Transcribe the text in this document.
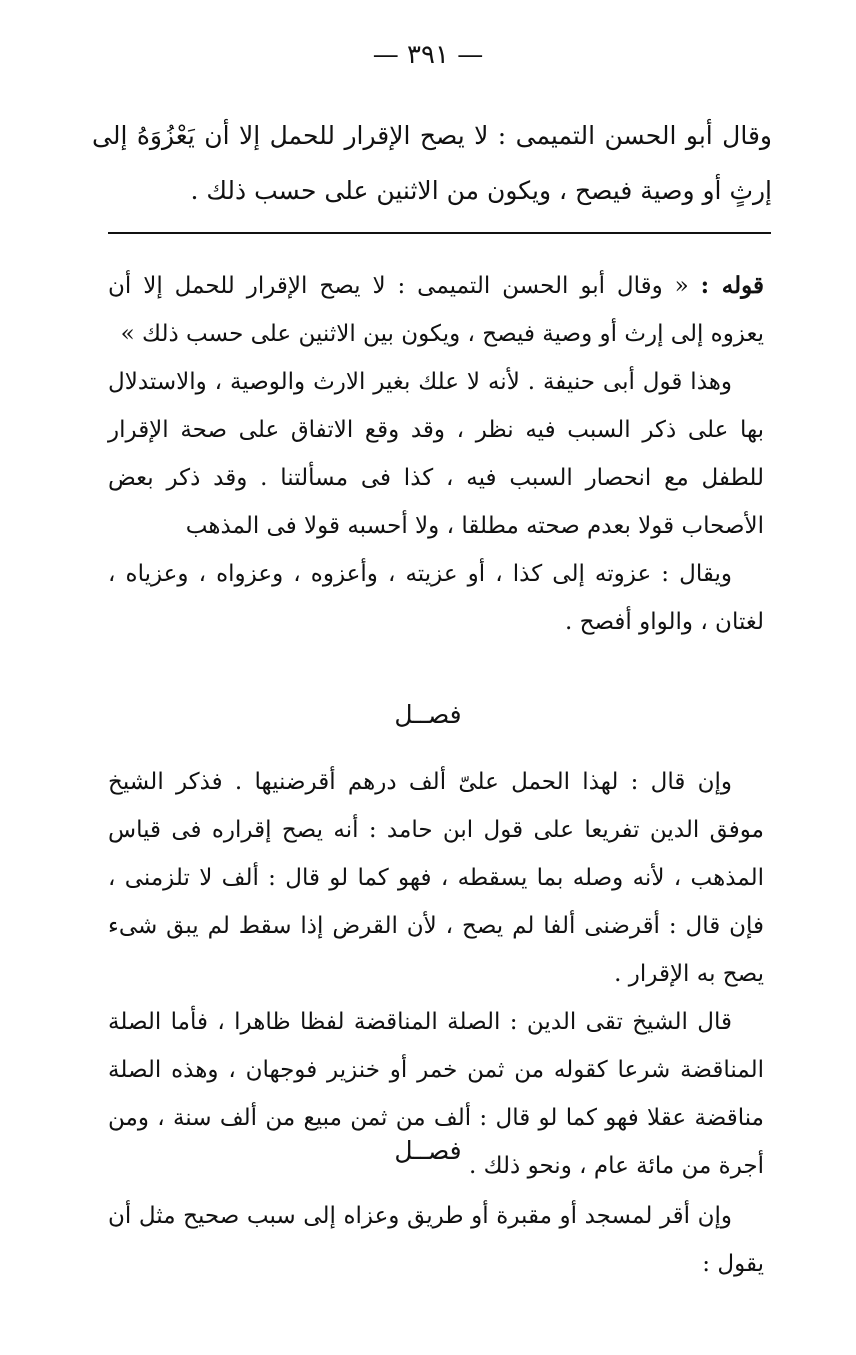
— ٣٩١ —
وقال أبو الحسن التميمى : لا يصح الإقرار للحمل إلا أن يَعْزُوَهُ إلى إرثٍ أو وصية فيصح ، ويكون من الاثنين على حسب ذلك .

قوله : « وقال أبو الحسن التميمى : لا يصح الإقرار للحمل إلا أن يعزوه إلى إرث أو وصية فيصح ، ويكون بين الاثنين على حسب ذلك »

وهذا قول أبى حنيفة . لأنه لا علك بغير الارث والوصية ، والاستدلال بها على ذكر السبب فيه نظر ، وقد وقع الاتفاق على صحة الإقرار للطفل مع انحصار السبب فيه ، كذا فى مسألتنا . وقد ذكر بعض الأصحاب قولا بعدم صحته مطلقا ، ولا أحسبه قولا فى المذهب

ويقال : عزوته إلى كذا ، أو عزيته ، وأعزوه ، وعزواه ، وعزياه ، لغتان ، والواو أفصح .

فصــل

وإن قال : لهذا الحمل علىّ ألف درهم أقرضنيها . فذكر الشيخ موفق الدين تفريعا على قول ابن حامد : أنه يصح إقراره فى قياس المذهب ، لأنه وصله بما يسقطه ، فهو كما لو قال : ألف لا تلزمنى ، فإن قال : أقرضنى ألفا لم يصح ، لأن القرض إذا سقط لم يبق شىء يصح به الإقرار .

قال الشيخ تقى الدين : الصلة المناقضة لفظا ظاهرا ، فأما الصلة المناقضة شرعا كقوله من ثمن خمر أو خنزير فوجهان ، وهذه الصلة مناقضة عقلا فهو كما لو قال : ألف من ثمن مبيع من ألف سنة ، ومن أجرة من مائة عام ، ونحو ذلك .

فصــل

وإن أقر لمسجد أو مقبرة أو طريق وعزاه إلى سبب صحيح مثل أن يقول :
